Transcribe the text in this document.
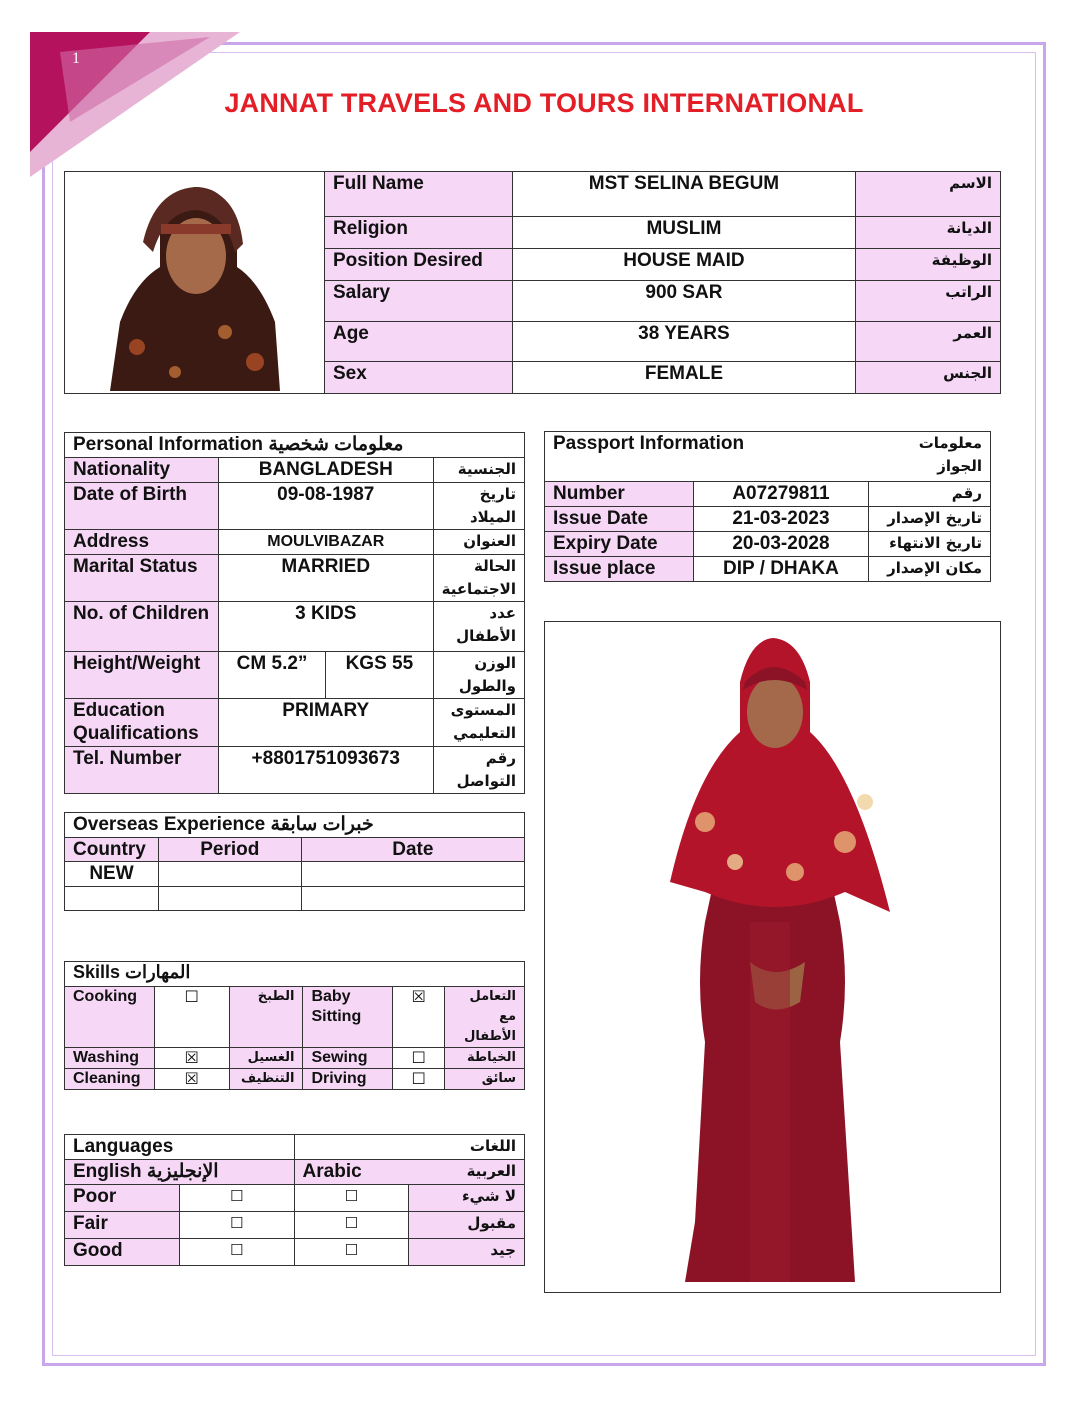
1
JANNAT TRAVELS AND TOURS INTERNATIONAL
	Full Name	MST SELINA BEGUM	الاسم
	Religion	MUSLIM	الديانة
	Position Desired	HOUSE MAID	الوظيفة
	Salary	900 SAR	الراتب
	Age	38 YEARS	العمر
	Sex	FEMALE	الجنس
Personal Information معلومات شخصية			
Nationality	BANGLADESH		الجنسية
Date of Birth	09-08-1987		تاريخ الميلاد
Address	MOULVIBAZAR		العنوان
Marital Status	MARRIED		الحالة الاجتماعية
No. of Children	3 KIDS		عدد الأطفال
Height/Weight	CM 5.2”	KGS 55	الوزن والطول
Education Qualifications	PRIMARY		المستوى التعليمي
Tel. Number	+8801751093673		رقم التواصل
Passport Information		معلومات الجواز
Number	A07279811	رقم
Issue Date	21-03-2023	تاريخ الإصدار
Expiry Date	20-03-2028	تاريخ الانتهاء
Issue place	DIP / DHAKA	مكان الإصدار
Overseas Experience خبرات سابقة		
Country	Period	Date
NEW		

Skills المهارات					
Cooking	☐	الطبخ	Baby Sitting	☒	التعامل مع الأطفال
Washing	☒	الغسيل	Sewing	☐	الخياطة
Cleaning	☒	التنظيف	Driving	☐	سائق
Languages		اللغات	
English الإنجليزية		Arabic العربية	

Poor	☐	☐	لا شيء
Fair	☐	☐	مقبول
Good	☐	☐	جيد
